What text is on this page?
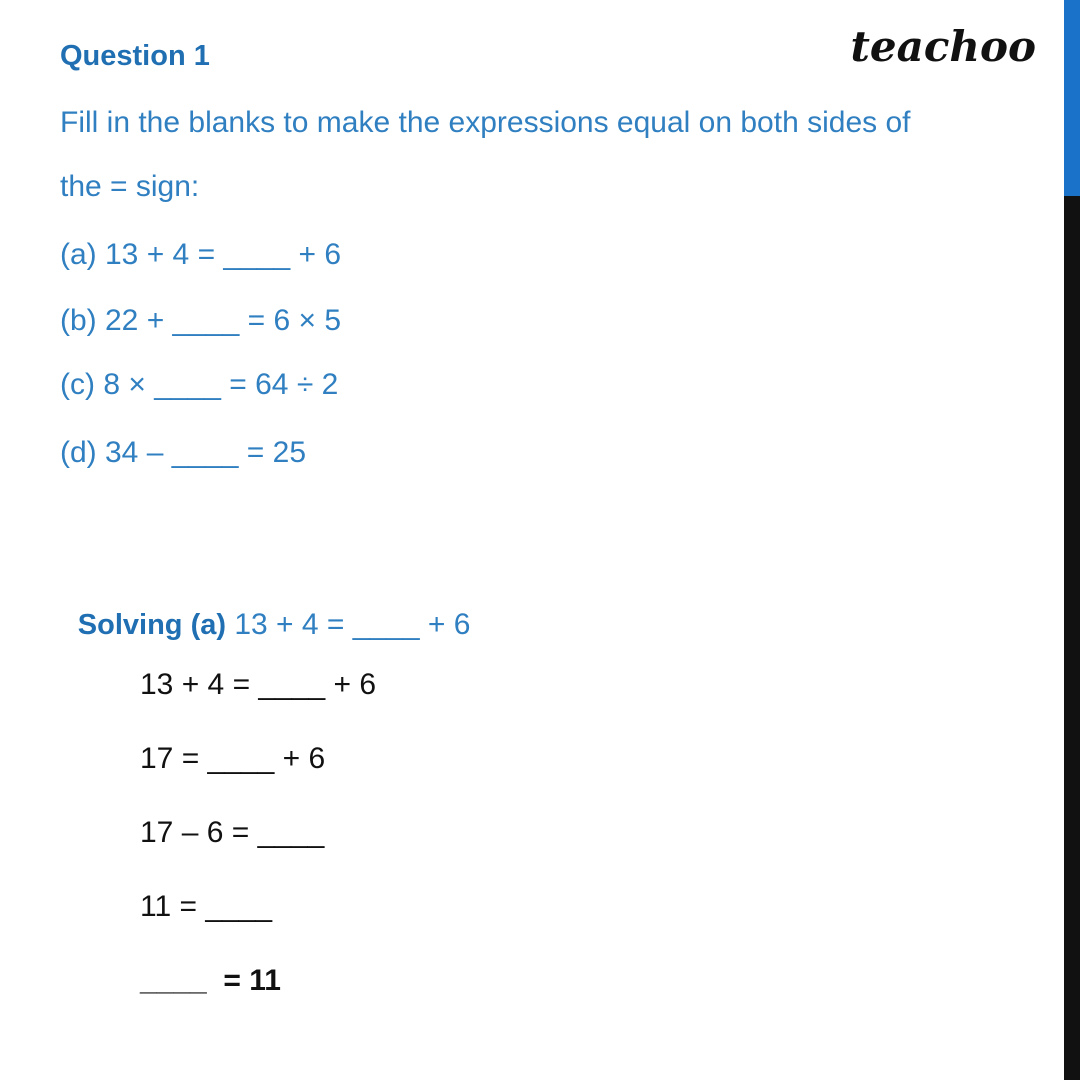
teachoo
Question 1
Fill in the blanks to make the expressions equal on both sides of
the = sign:
(a) 13 + 4 = ____ + 6
(b) 22 + ____ = 6 × 5
(c) 8 × ____ = 64 ÷ 2
(d) 34 – ____ = 25

Solving (a) 13 + 4 = ____ + 6

13 + 4 = ____ + 6
17 = ____ + 6
17 – 6 = ____
11 = ____
____  = 11
